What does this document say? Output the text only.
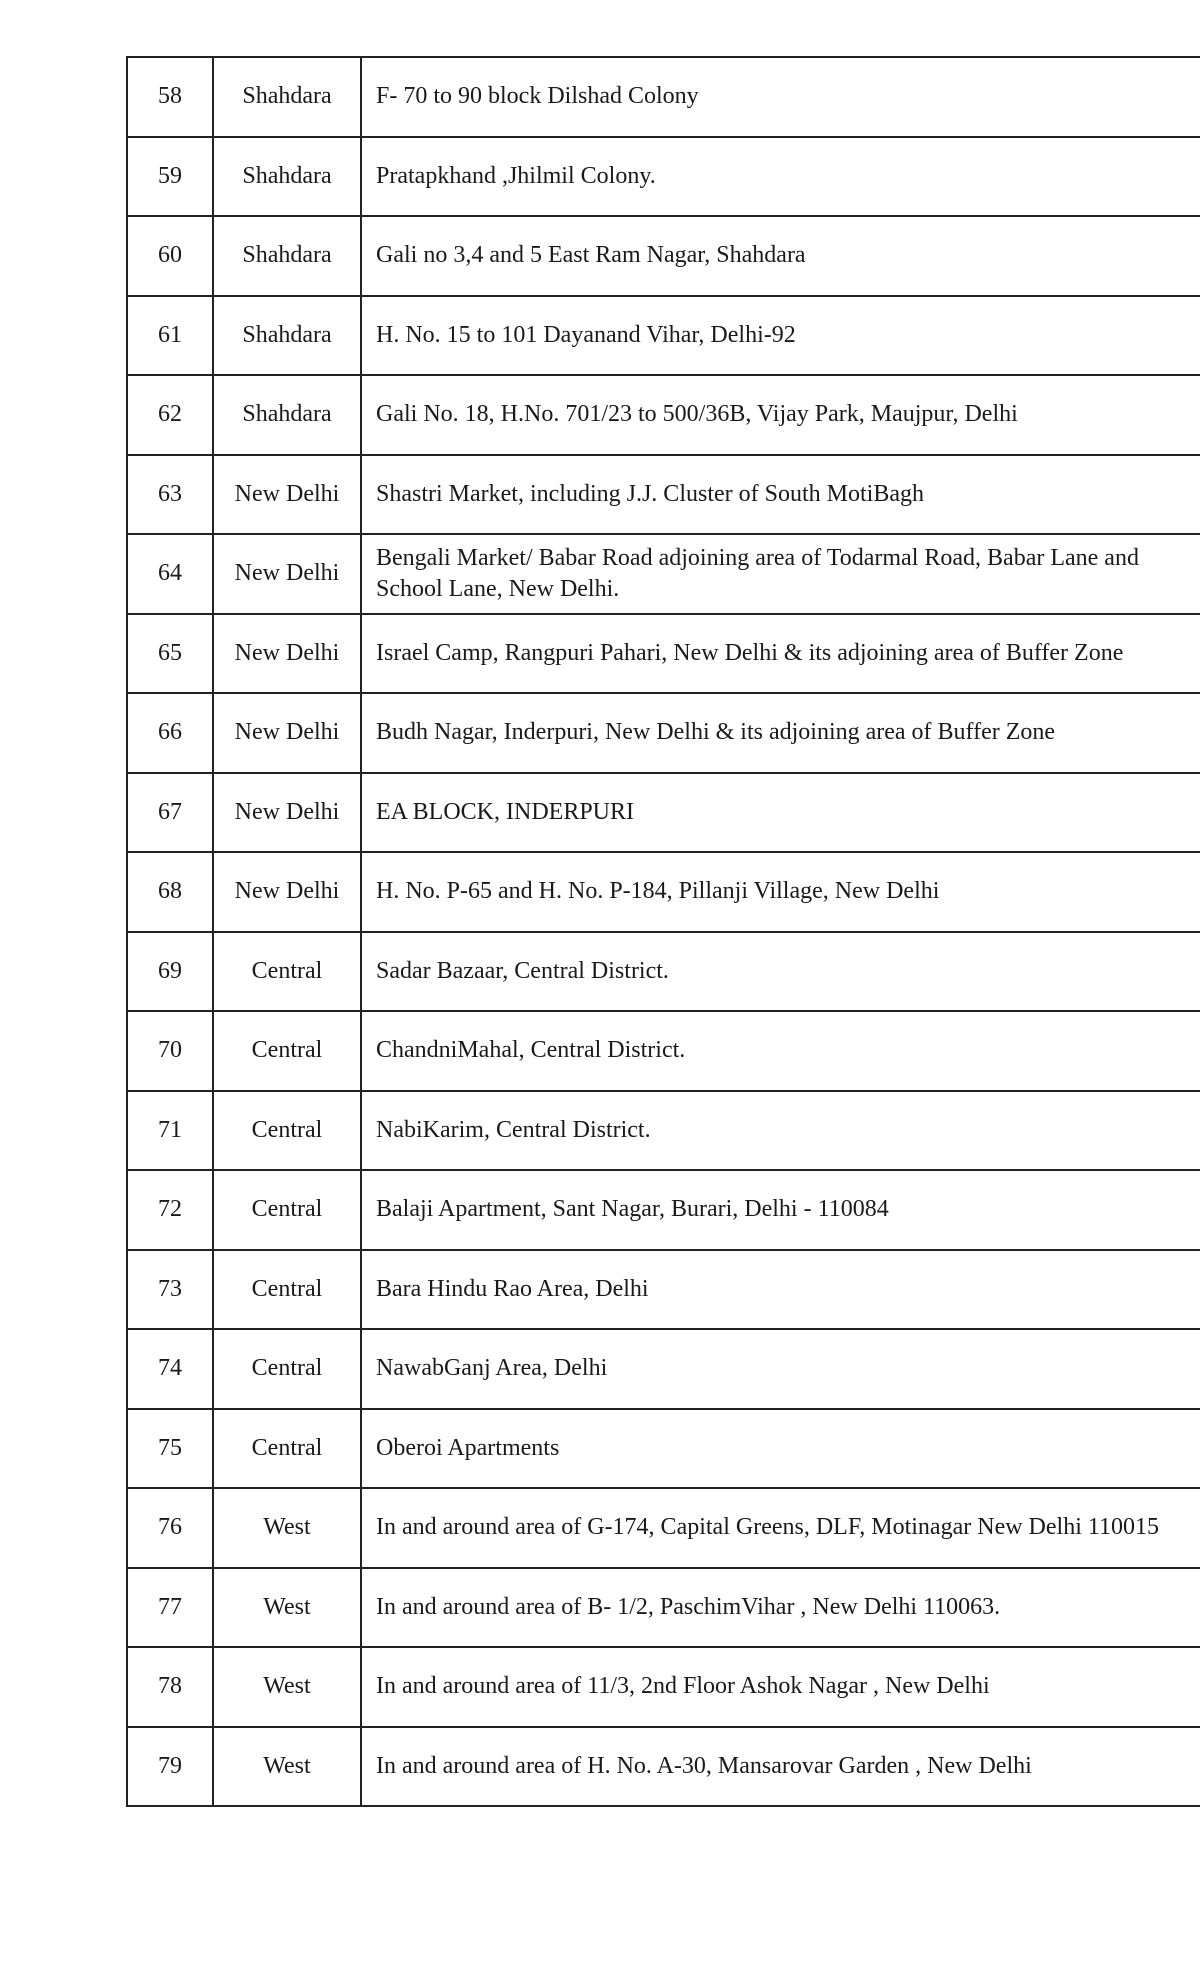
58	Shahdara	F- 70 to 90 block Dilshad Colony
59	Shahdara	Pratapkhand ,Jhilmil Colony.
60	Shahdara	Gali no 3,4 and 5 East Ram Nagar, Shahdara
61	Shahdara	H. No. 15 to 101 Dayanand Vihar, Delhi-92
62	Shahdara	Gali No. 18, H.No. 701/23 to 500/36B, Vijay Park, Maujpur, Delhi
63	New Delhi	Shastri Market, including J.J. Cluster of South MotiBagh
64	New Delhi	Bengali Market/ Babar Road adjoining area of Todarmal Road, Babar Lane and School Lane, New Delhi.
65	New Delhi	Israel Camp, Rangpuri Pahari, New Delhi & its adjoining area of Buffer Zone
66	New Delhi	Budh Nagar, Inderpuri, New Delhi & its adjoining area of Buffer Zone
67	New Delhi	EA BLOCK, INDERPURI
68	New Delhi	H. No. P-65 and H. No. P-184, Pillanji Village, New Delhi
69	Central	Sadar Bazaar, Central District.
70	Central	ChandniMahal, Central District.
71	Central	NabiKarim, Central District.
72	Central	Balaji Apartment, Sant Nagar, Burari, Delhi - 110084
73	Central	Bara Hindu Rao Area, Delhi
74	Central	NawabGanj Area, Delhi
75	Central	Oberoi Apartments
76	West	In and around area of G-174, Capital Greens, DLF, Motinagar New Delhi 110015
77	West	In and around area of B- 1/2, PaschimVihar , New Delhi 110063.
78	West	In and around area of 11/3, 2nd Floor Ashok Nagar , New Delhi
79	West	In and around area of H. No. A-30, Mansarovar Garden , New Delhi
